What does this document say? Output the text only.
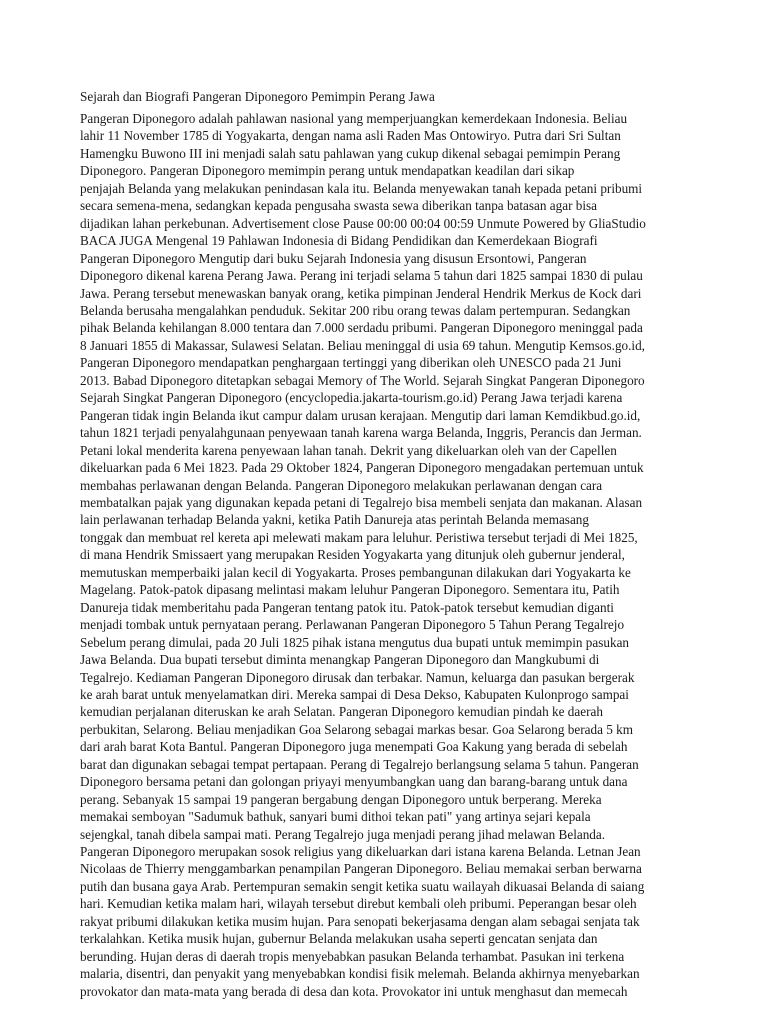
Sejarah dan Biografi Pangeran Diponegoro Pemimpin Perang Jawa
Pangeran Diponegoro adalah pahlawan nasional yang memperjuangkan kemerdekaan Indonesia. Beliau
lahir 11 November 1785 di Yogyakarta, dengan nama asli Raden Mas Ontowiryo. Putra dari Sri Sultan
Hamengku Buwono III ini menjadi salah satu pahlawan yang cukup dikenal sebagai pemimpin Perang
Diponegoro. Pangeran Diponegoro memimpin perang untuk mendapatkan keadilan dari sikap
penjajah Belanda yang melakukan penindasan kala itu. Belanda menyewakan tanah kepada petani pribumi
secara semena-mena, sedangkan kepada pengusaha swasta sewa diberikan tanpa batasan agar bisa
dijadikan lahan perkebunan. Advertisement close Pause 00:00 00:04 00:59 Unmute Powered by GliaStudio
BACA JUGA Mengenal 19 Pahlawan Indonesia di Bidang Pendidikan dan Kemerdekaan Biografi
Pangeran Diponegoro Mengutip dari buku Sejarah Indonesia yang disusun Ersontowi, Pangeran
Diponegoro dikenal karena Perang Jawa. Perang ini terjadi selama 5 tahun dari 1825 sampai 1830 di pulau
Jawa. Perang tersebut menewaskan banyak orang, ketika pimpinan Jenderal Hendrik Merkus de Kock dari
Belanda berusaha mengalahkan penduduk. Sekitar 200 ribu orang tewas dalam pertempuran. Sedangkan
pihak Belanda kehilangan 8.000 tentara dan 7.000 serdadu pribumi. Pangeran Diponegoro meninggal pada
8 Januari 1855 di Makassar, Sulawesi Selatan. Beliau meninggal di usia 69 tahun. Mengutip Kemsos.go.id,
Pangeran Diponegoro mendapatkan penghargaan tertinggi yang diberikan oleh UNESCO pada 21 Juni
2013. Babad Diponegoro ditetapkan sebagai Memory of The World. Sejarah Singkat Pangeran Diponegoro
Sejarah Singkat Pangeran Diponegoro (encyclopedia.jakarta-tourism.go.id) Perang Jawa terjadi karena
Pangeran tidak ingin Belanda ikut campur dalam urusan kerajaan. Mengutip dari laman Kemdikbud.go.id,
tahun 1821 terjadi penyalahgunaan penyewaan tanah karena warga Belanda, Inggris, Perancis dan Jerman.
Petani lokal menderita karena penyewaan lahan tanah. Dekrit yang dikeluarkan oleh van der Capellen
dikeluarkan pada 6 Mei 1823. Pada 29 Oktober 1824, Pangeran Diponegoro mengadakan pertemuan untuk
membahas perlawanan dengan Belanda. Pangeran Diponegoro melakukan perlawanan dengan cara
membatalkan pajak yang digunakan kepada petani di Tegalrejo bisa membeli senjata dan makanan. Alasan
lain perlawanan terhadap Belanda yakni, ketika Patih Danureja atas perintah Belanda memasang
tonggak dan membuat rel kereta api melewati makam para leluhur. Peristiwa tersebut terjadi di Mei 1825,
di mana Hendrik Smissaert yang merupakan Residen Yogyakarta yang ditunjuk oleh gubernur jenderal,
memutuskan memperbaiki jalan kecil di Yogyakarta. Proses pembangunan dilakukan dari Yogyakarta ke
Magelang. Patok-patok dipasang melintasi makam leluhur Pangeran Diponegoro. Sementara itu, Patih
Danureja tidak memberitahu pada Pangeran tentang patok itu. Patok-patok tersebut kemudian diganti
menjadi tombak untuk pernyataan perang. Perlawanan Pangeran Diponegoro 5 Tahun Perang Tegalrejo
Sebelum perang dimulai, pada 20 Juli 1825 pihak istana mengutus dua bupati untuk memimpin pasukan
Jawa Belanda. Dua bupati tersebut diminta menangkap Pangeran Diponegoro dan Mangkubumi di
Tegalrejo. Kediaman Pangeran Diponegoro dirusak dan terbakar. Namun, keluarga dan pasukan bergerak
ke arah barat untuk menyelamatkan diri. Mereka sampai di Desa Dekso, Kabupaten Kulonprogo sampai
kemudian perjalanan diteruskan ke arah Selatan. Pangeran Diponegoro kemudian pindah ke daerah
perbukitan, Selarong. Beliau menjadikan Goa Selarong sebagai markas besar. Goa Selarong berada 5 km
dari arah barat Kota Bantul. Pangeran Diponegoro juga menempati Goa Kakung yang berada di sebelah
barat dan digunakan sebagai tempat pertapaan. Perang di Tegalrejo berlangsung selama 5 tahun. Pangeran
Diponegoro bersama petani dan golongan priyayi menyumbangkan uang dan barang-barang untuk dana
perang. Sebanyak 15 sampai 19 pangeran bergabung dengan Diponegoro untuk berperang. Mereka
memakai semboyan "Sadumuk bathuk, sanyari bumi dithoi tekan pati" yang artinya sejari kepala
sejengkal, tanah dibela sampai mati. Perang Tegalrejo juga menjadi perang jihad melawan Belanda.
Pangeran Diponegoro merupakan sosok religius yang dikeluarkan dari istana karena Belanda. Letnan Jean
Nicolaas de Thierry menggambarkan penampilan Pangeran Diponegoro. Beliau memakai serban berwarna
putih dan busana gaya Arab. Pertempuran semakin sengit ketika suatu wailayah dikuasai Belanda di saiang
hari. Kemudian ketika malam hari, wilayah tersebut direbut kembali oleh pribumi. Peperangan besar oleh
rakyat pribumi dilakukan ketika musim hujan. Para senopati bekerjasama dengan alam sebagai senjata tak
terkalahkan. Ketika musik hujan, gubernur Belanda melakukan usaha seperti gencatan senjata dan
berunding. Hujan deras di daerah tropis menyebabkan pasukan Belanda terhambat. Pasukan ini terkena
malaria, disentri, dan penyakit yang menyebabkan kondisi fisik melemah. Belanda akhirnya menyebarkan
provokator dan mata-mata yang berada di desa dan kota. Provokator ini untuk menghasut dan memecah
